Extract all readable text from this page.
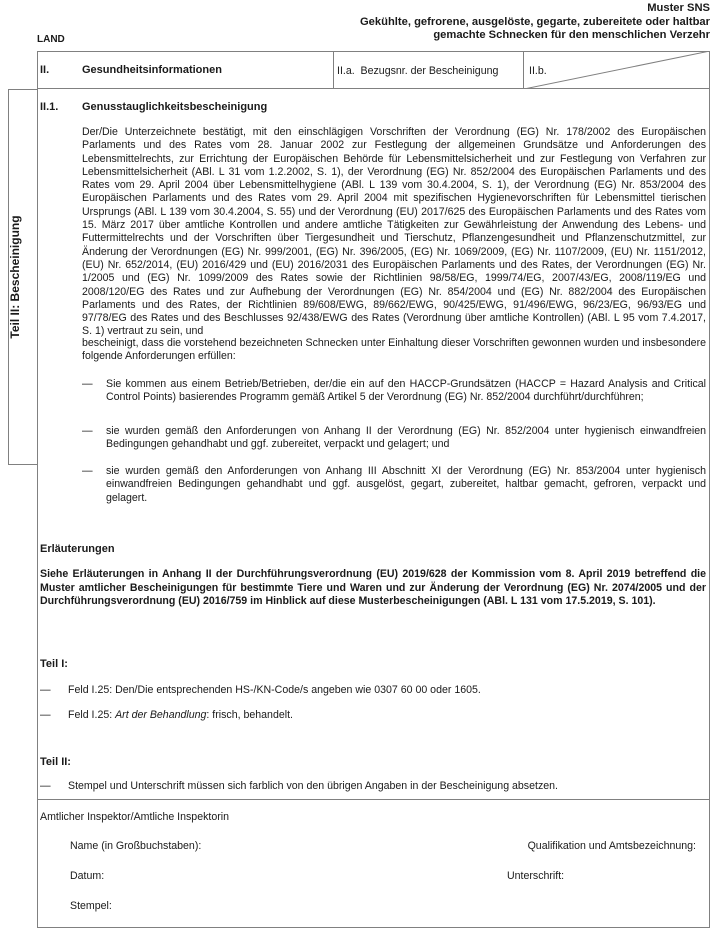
Muster SNS
Gekühlte, gefrorene, ausgelöste, gegarte, zubereitete oder haltbar
gemachte Schnecken für den menschlichen Verzehr
LAND
II.	Gesundheitsinformationen	II.a.  Bezugsnr. der Bescheinigung	II.b.
Teil II: Bescheinigung
II.1. Genusstauglichkeitsbescheinigung
Der/Die Unterzeichnete bestätigt, mit den einschlägigen Vorschriften der Verordnung (EG) Nr. 178/2002 des Europäischen Parlaments und des Rates vom 28. Januar 2002 zur Festlegung der allgemeinen Grundsätze und Anforderungen des Lebensmittelrechts, zur Errichtung der Europäischen Behörde für Lebensmittelsicherheit und zur Festlegung von Verfahren zur Lebensmittelsicherheit (ABl. L 31 vom 1.2.2002, S. 1), der Verordnung (EG) Nr. 852/2004 des Europäischen Parlaments und des Rates vom 29. April 2004 über Lebensmittelhygiene (ABl. L 139 vom 30.4.2004, S. 1), der Verordnung (EG) Nr. 853/2004 des Europäischen Parlaments und des Rates vom 29. April 2004 mit spezifischen Hygienevorschriften für Lebensmittel tierischen Ursprungs (ABl. L 139 vom 30.4.2004, S. 55) und der Verordnung (EU) 2017/625 des Europäischen Parlaments und des Rates vom 15. März 2017 über amtliche Kontrollen und andere amtliche Tätigkeiten zur Gewährleistung der Anwendung des Lebens- und Futtermittelrechts und der Vorschriften über Tiergesundheit und Tierschutz, Pflanzengesundheit und Pflanzenschutzmittel, zur Änderung der Verordnungen (EG) Nr. 999/2001, (EG) Nr. 396/2005, (EG) Nr. 1069/2009, (EG) Nr. 1107/2009, (EU) Nr. 1151/2012, (EU) Nr. 652/2014, (EU) 2016/429 und (EU) 2016/2031 des Europäischen Parlaments und des Rates, der Verordnungen (EG) Nr. 1/2005 und (EG) Nr. 1099/2009 des Rates sowie der Richtlinien 98/58/EG, 1999/74/EG, 2007/43/EG, 2008/119/EG und 2008/120/EG des Rates und zur Aufhebung der Verordnungen (EG) Nr. 854/2004 und (EG) Nr. 882/2004 des Europäischen Parlaments und des Rates, der Richtlinien 89/608/EWG, 89/662/EWG, 90/425/EWG, 91/496/EWG, 96/23/EG, 96/93/EG und 97/78/EG des Rates und des Beschlusses 92/438/EWG des Rates (Verordnung über amtliche Kontrollen) (ABl. L 95 vom 7.4.2017, S. 1) vertraut zu sein, und
bescheinigt, dass die vorstehend bezeichneten Schnecken unter Einhaltung dieser Vorschriften gewonnen wurden und insbesondere folgende Anforderungen erfüllen:
— Sie kommen aus einem Betrieb/Betrieben, der/die ein auf den HACCP-Grundsätzen (HACCP = Hazard Analysis and Critical Control Points) basierendes Programm gemäß Artikel 5 der Verordnung (EG) Nr. 852/2004 durchführt/durchführen;
— sie wurden gemäß den Anforderungen von Anhang II der Verordnung (EG) Nr. 852/2004 unter hygienisch einwandfreien Bedingungen gehandhabt und ggf. zubereitet, verpackt und gelagert; und
— sie wurden gemäß den Anforderungen von Anhang III Abschnitt XI der Verordnung (EG) Nr. 853/2004 unter hygienisch einwandfreien Bedingungen gehandhabt und ggf. ausgelöst, gegart, zubereitet, haltbar gemacht, gefroren, verpackt und gelagert.
Erläuterungen
Siehe Erläuterungen in Anhang II der Durchführungsverordnung (EU) 2019/628 der Kommission vom 8. April 2019 betreffend die Muster amtlicher Bescheinigungen für bestimmte Tiere und Waren und zur Änderung der Verordnung (EG) Nr. 2074/2005 und der Durchführungsverordnung (EU) 2016/759 im Hinblick auf diese Musterbescheinigungen (ABl. L 131 vom 17.5.2019, S. 101).
Teil I:
— Feld I.25: Den/Die entsprechenden HS-/KN-Code/s angeben wie 0307 60 00 oder 1605.
— Feld I.25: Art der Behandlung: frisch, behandelt.
Teil II:
— Stempel und Unterschrift müssen sich farblich von den übrigen Angaben in der Bescheinigung absetzen.
Amtlicher Inspektor/Amtliche Inspektorin
Name (in Großbuchstaben):	Qualifikation und Amtsbezeichnung:
Datum:	Unterschrift:
Stempel:
